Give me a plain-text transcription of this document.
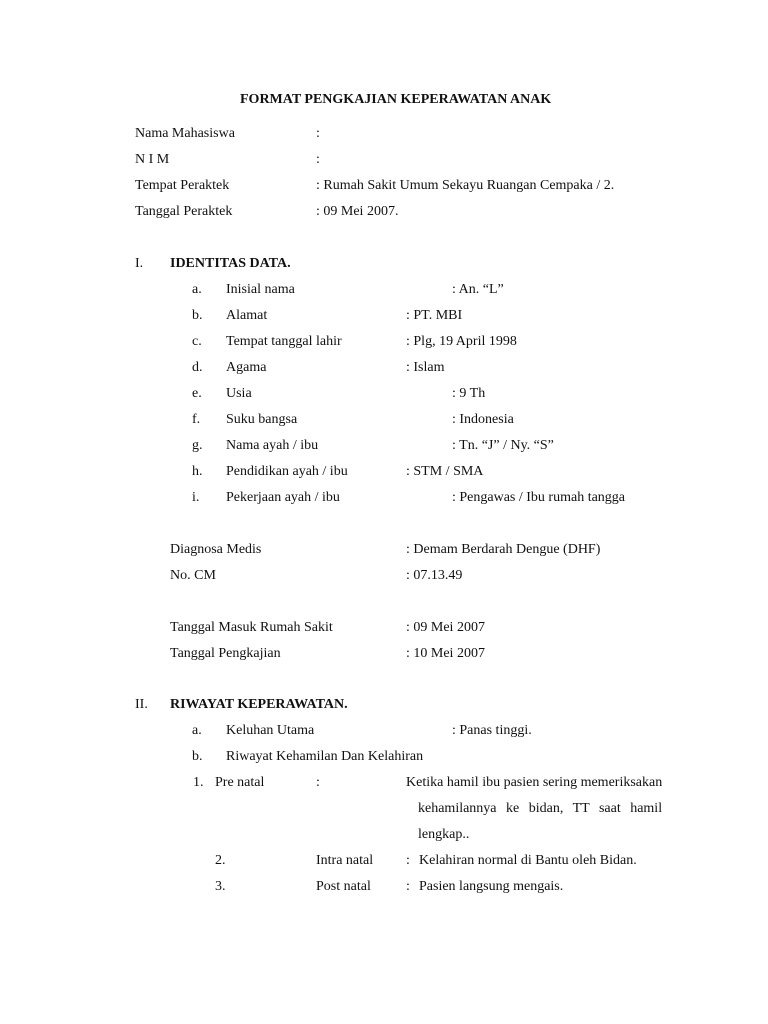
FORMAT PENGKAJIAN KEPERAWATAN ANAK
Nama Mahasiswa	:
N I M	:
Tempat Peraktek	: Rumah Sakit Umum Sekayu Ruangan Cempaka / 2.
Tanggal Peraktek	: 09 Mei 2007.
I. IDENTITAS DATA.
a. Inisial nama	: An. “L”
b. Alamat	: PT. MBI
c. Tempat tanggal lahir	: Plg, 19 April 1998
d. Agama	: Islam
e. Usia	: 9 Th
f. Suku bangsa	: Indonesia
g. Nama ayah / ibu	: Tn. “J” / Ny. “S”
h. Pendidikan ayah / ibu	: STM / SMA
i. Pekerjaan ayah / ibu	: Pengawas / Ibu rumah tangga
Diagnosa Medis	: Demam Berdarah Dengue (DHF)
No. CM	: 07.13.49
Tanggal Masuk Rumah Sakit	: 09 Mei 2007
Tanggal Pengkajian	: 10 Mei 2007
II. RIWAYAT KEPERAWATAN.
a. Keluhan Utama	: Panas tinggi.
b. Riwayat Kehamilan Dan Kelahiran
1. Pre natal	:	Ketika hamil ibu pasien sering memeriksakan
kehamilannya ke bidan, TT saat hamil
lengkap..
2.	Intra natal : Kelahiran normal di Bantu oleh Bidan.
3.	Post natal	: Pasien langsung mengais.
